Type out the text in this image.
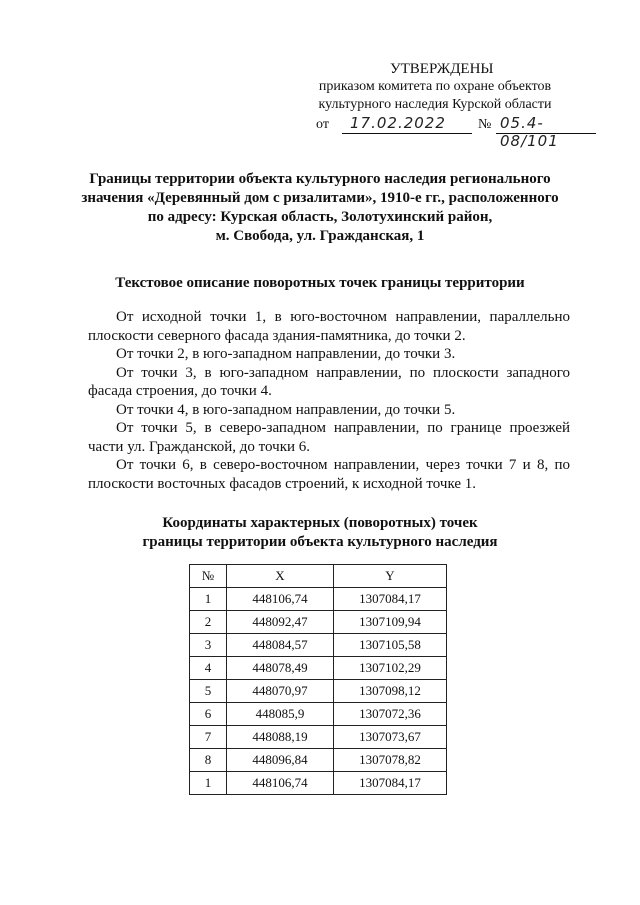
УТВЕРЖДЕНЫ
приказом комитета по охране объектов
культурного наследия Курской области
от 17.02.2022 № 05.4-08/101
Границы территории объекта культурного наследия регионального
значения «Деревянный дом с ризалитами», 1910-е гг., расположенного
по адресу: Курская область, Золотухинский район,
м. Свобода, ул. Гражданская, 1
Текстовое описание поворотных точек границы территории

От исходной точки 1, в юго-восточном направлении, параллельно плоскости северного фасада здания-памятника, до точки 2.

От точки 2, в юго-западном направлении, до точки 3.

От точки 3, в юго-западном направлении, по плоскости западного фасада строения, до точки 4.

От точки 4, в юго-западном направлении, до точки 5.

От точки 5, в северо-западном направлении, по границе проезжей части ул. Гражданской, до точки 6.

От точки 6, в северо-восточном направлении, через точки 7 и 8, по плоскости восточных фасадов строений, к исходной точке 1.

Координаты характерных (поворотных) точек
границы территории объекта культурного наследия
№	X	Y
1	448106,74	1307084,17
2	448092,47	1307109,94
3	448084,57	1307105,58
4	448078,49	1307102,29
5	448070,97	1307098,12
6	448085,9	1307072,36
7	448088,19	1307073,67
8	448096,84	1307078,82
1	448106,74	1307084,17
